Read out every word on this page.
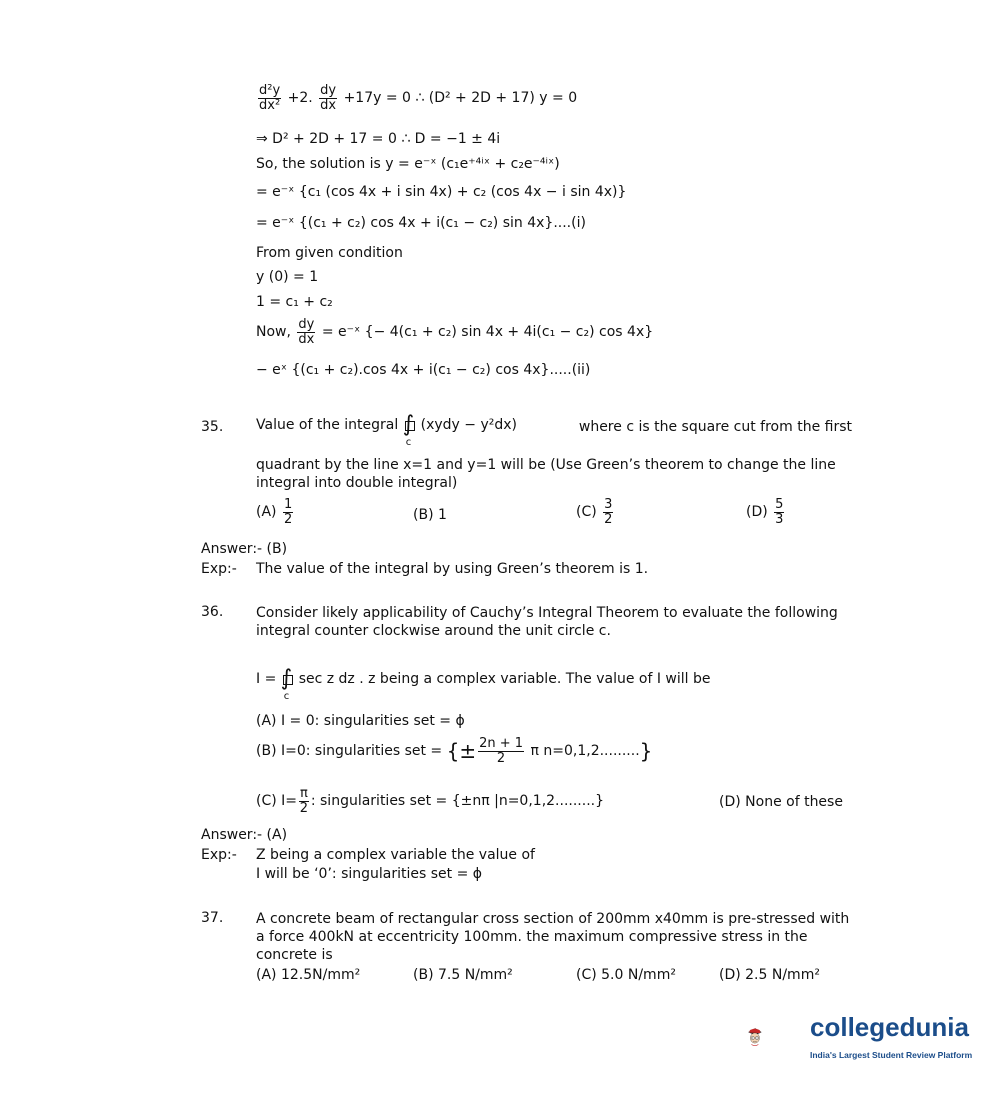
$\frac{\text{d²y}}{\text{dx²}} +2$. $\frac{dy}{dx} +17y = 0$ ∴ (D² + 2D + 17) y = 0
⇒ D² + 2D + 17 = 0 ∴ D = −1 ± 4i
So, the solution is y = e⁻ˣ (c₁e⁺⁴ⁱˣ + c₂e⁻⁴ⁱˣ)
= e⁻ˣ {c₁ (cos 4x + i sin 4x) + c₂ (cos 4x − i sin 4x)}
= e⁻ˣ {(c₁ + c₂) cos 4x + i(c₁ − c₂) sin 4x}....(i)
From given condition
y (0) = 1
1 = c₁ + c₂
Now, $\frac{dy}{dx}$ = e⁻ˣ {− 4(c₁ + c₂) sin 4x + 4i(c₁ − c₂) cos 4x}
− eˣ {(c₁ + c₂).cos 4x + i(c₁ − c₂) cos 4x}.....(ii)
35. Value of the integral ∫
c
(xydy − y²dx)	where c is the square cut from the first
quadrant by the line x=1 and y=1 will be (Use Green’s theorem to change the line integral into double integral)
$(A) \frac{1}{2}$	(B) 1	$(C) \frac{3}{2}$	$(D) \frac{5}{3}$
Answer:- (B)
Exp:- The value of the integral by using Green’s theorem is 1.
36. Consider likely applicability of Cauchy’s Integral Theorem to evaluate the following integral counter clockwise around the unit circle c.
I = ∫
c
sec z dz . z being a complex variable. The value of I will be
(A) I = 0: singularities set = ϕ
(B) I=0: singularities set = {± $\frac{2n + 1}{2}$ π n=0,1,2.........}
(C) $I= \frac{\pi}{2}$ : singularities set = {±nπ |n=0,1,2.........}	(D) None of these
Answer:- (A)
Exp:- Z being a complex variable the value of
I will be ‘0’: singularities set = ϕ
37. A concrete beam of rectangular cross section of 200mm x40mm is pre-stressed with a force 400kN at eccentricity 100mm. the maximum compressive stress in the concrete is
(A) 12.5N/mm²	(B) 7.5 N/mm²	(C) 5.0 N/mm²	(D) 2.5 N/mm²
collegedunia
India's Largest Student Review Platform
